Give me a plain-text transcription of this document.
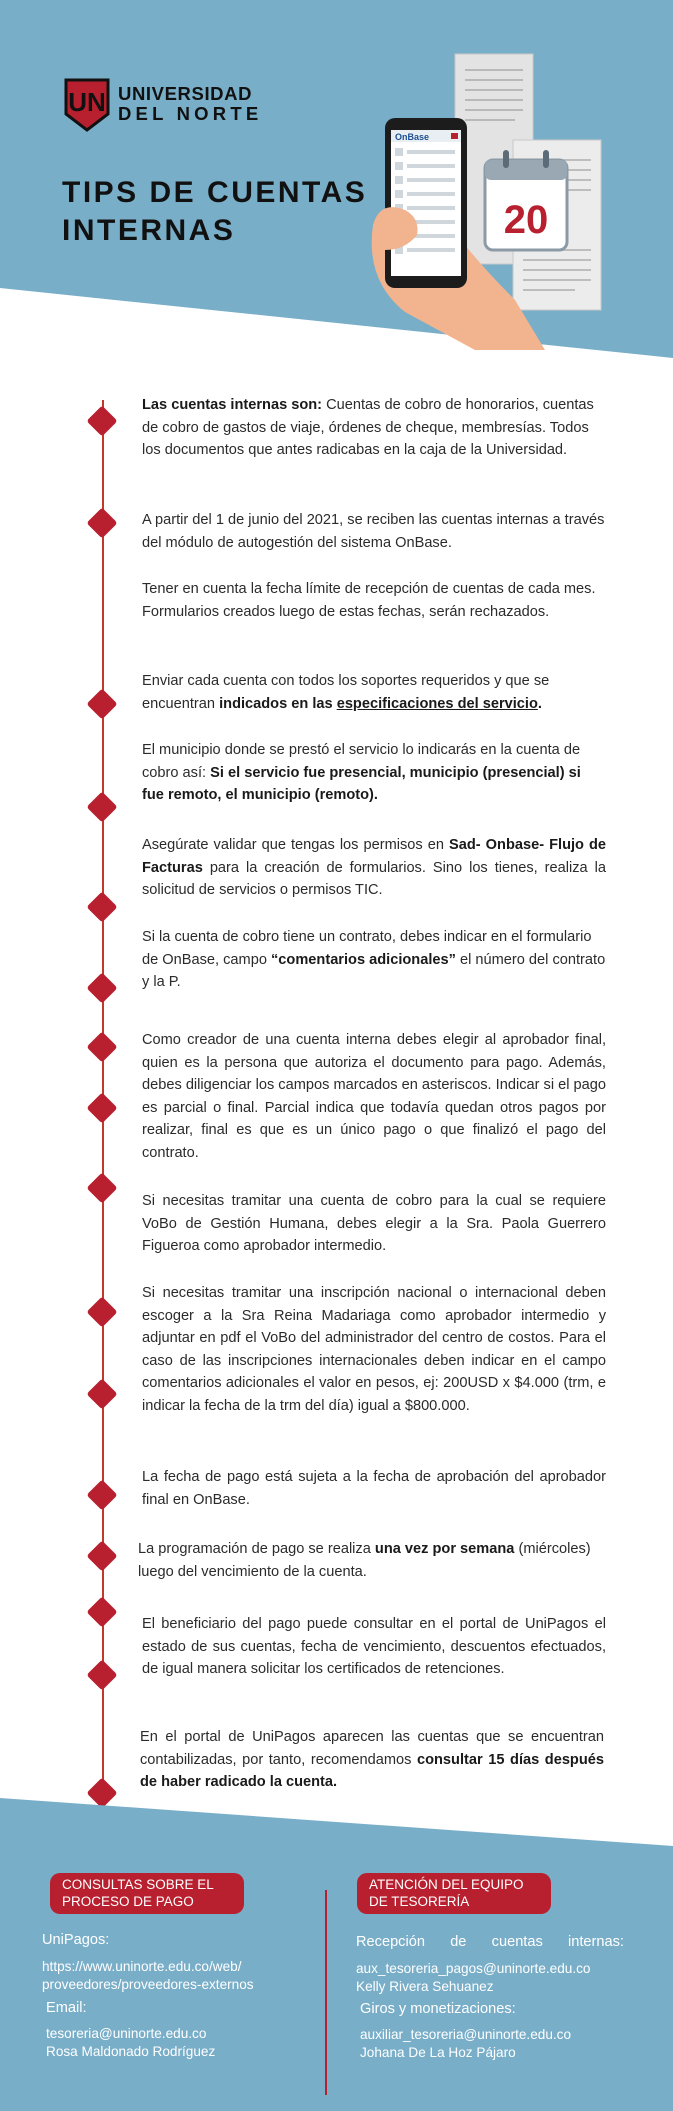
UN UNIVERSIDAD
DEL NORTE
TIPS DE CUENTAS INTERNAS	20
OnBase

Las cuentas internas son: Cuentas de cobro de honorarios, cuentas de cobro de gastos de viaje, órdenes de cheque, membresías. Todos los documentos que antes radicabas en la caja de la Universidad.

A partir del 1 de junio del 2021, se reciben las cuentas internas a través del módulo de autogestión del sistema OnBase.

Tener en cuenta la fecha límite de recepción de cuentas de cada mes. Formularios creados luego de estas fechas, serán rechazados.

Enviar cada cuenta con todos los soportes requeridos y que se encuentran indicados en las especificaciones del servicio.

El municipio donde se prestó el servicio lo indicarás en la cuenta de cobro así: Si el servicio fue presencial, municipio (presencial) si fue remoto, el municipio (remoto).

Asegúrate validar que tengas los permisos en Sad- Onbase- Flujo de Facturas para la creación de formularios. Sino los tienes, realiza la solicitud de servicios o permisos TIC.

Si la cuenta de cobro tiene un contrato, debes indicar en el formulario de OnBase, campo “comentarios adicionales” el número del contrato y la P.

Como creador de una cuenta interna debes elegir al aprobador final, quien es la persona que autoriza el documento para pago. Además, debes diligenciar los campos marcados en asteriscos. Indicar si el pago es parcial o final. Parcial indica que todavía quedan otros pagos por realizar, final es que es un único pago o que finalizó el pago del contrato.

Si necesitas tramitar una cuenta de cobro para la cual se requiere VoBo de Gestión Humana, debes elegir a la Sra. Paola Guerrero Figueroa como aprobador intermedio.

Si necesitas tramitar una inscripción nacional o internacional deben escoger a la Sra Reina Madariaga como aprobador intermedio y adjuntar en pdf el VoBo del administrador del centro de costos. Para el caso de las inscripciones internacionales deben indicar en el campo comentarios adicionales el valor en pesos, ej: 200USD x $4.000 (trm, e indicar la fecha de la trm del día) igual a $800.000.

La fecha de pago está sujeta a la fecha de aprobación del aprobador final en OnBase.

La programación de pago se realiza una vez por semana (miércoles) luego del vencimiento de la cuenta.

El beneficiario del pago puede consultar en el portal de UniPagos el estado de sus cuentas, fecha de vencimiento, descuentos efectuados, de igual manera solicitar los certificados de retenciones.

En el portal de UniPagos aparecen las cuentas que se encuentran contabilizadas, por tanto, recomendamos consultar 15 días después de haber radicado la cuenta.

CONSULTAS SOBRE EL PROCESO DE PAGO
UniPagos:
https://www.uninorte.edu.co/web/
proveedores/proveedores-externos
Email:
tesoreria@uninorte.edu.co
Rosa Maldonado Rodríguez
ATENCIÓN DEL EQUIPO DE TESORERÍA
Recepción de cuentas internas:
aux_tesoreria_pagos@uninorte.edu.co
Kelly Rivera Sehuanez
Giros y monetizaciones:
auxiliar_tesoreria@uninorte.edu.co
Johana De La Hoz Pájaro
